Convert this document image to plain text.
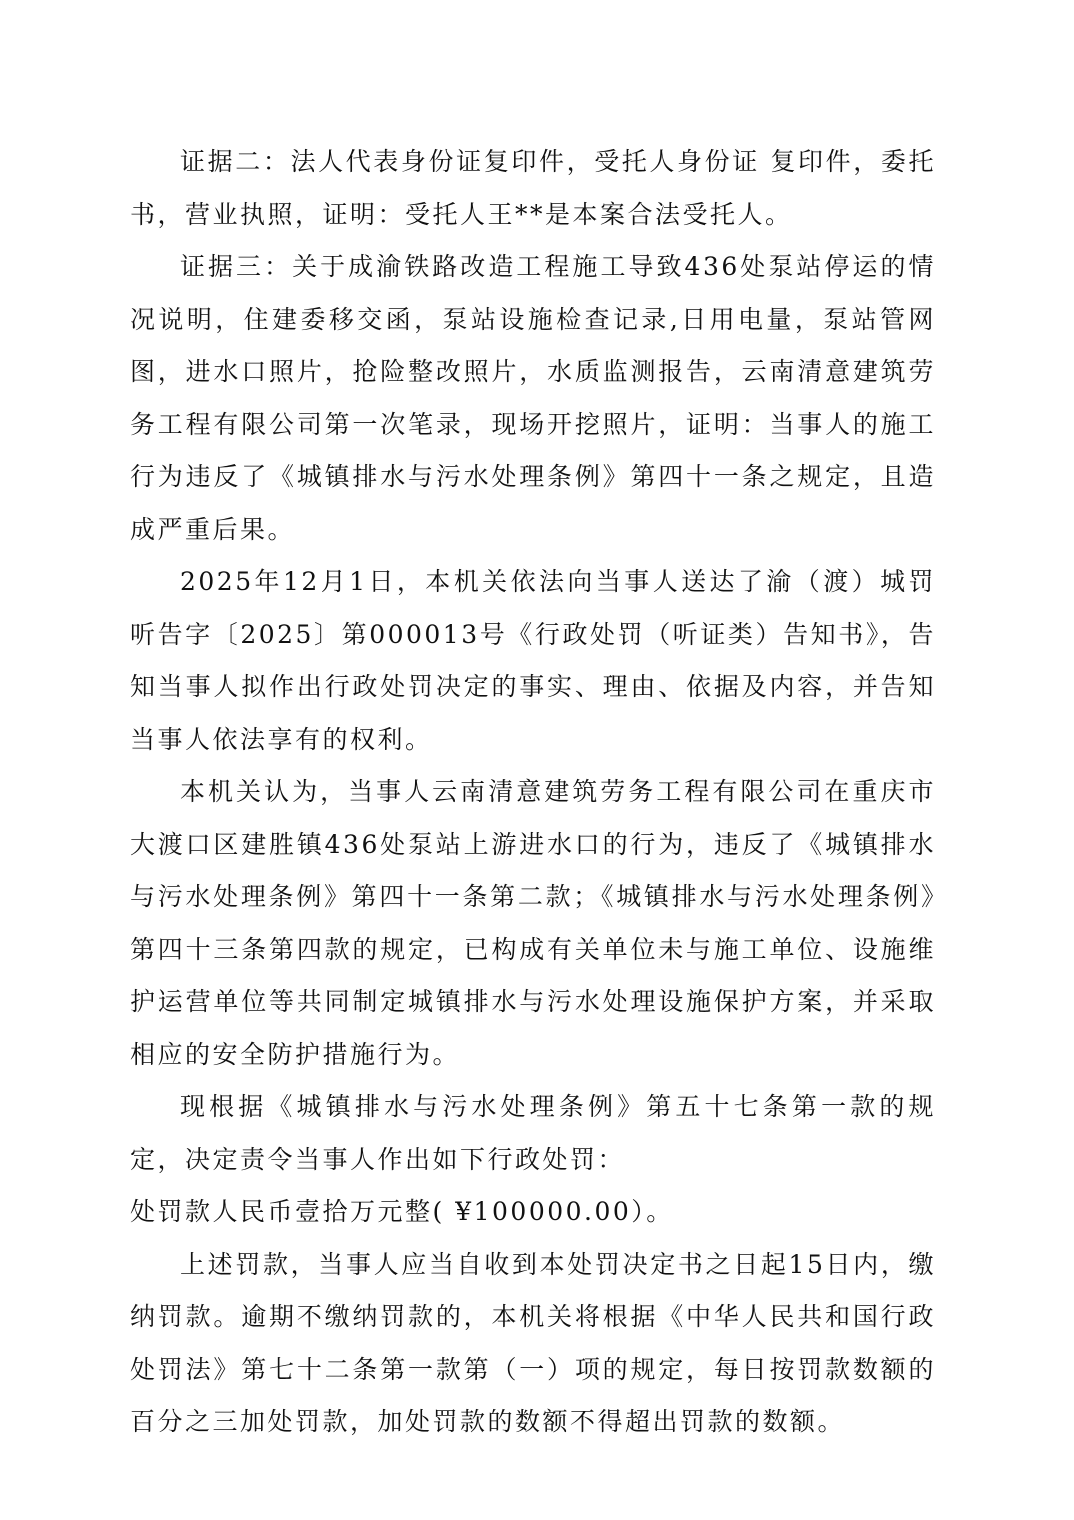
证据二：法人代表身份证复印件，受托人身份证 复印件，委托书，营业执照，证明：受托人王**是本案合法受托人。

证据三：关于成渝铁路改造工程施工导致436处泵站停运的情况说明，住建委移交函，泵站设施检查记录,日用电量，泵站管网图，进水口照片，抢险整改照片，水质监测报告，云南清意建筑劳务工程有限公司第一次笔录，现场开挖照片，证明：当事人的施工行为违反了《城镇排水与污水处理条例》第四十一条之规定，且造成严重后果。

2025年12月1日，本机关依法向当事人送达了渝（渡）城罚听告字〔2025〕第000013号《行政处罚（听证类）告知书》，告知当事人拟作出行政处罚决定的事实、理由、依据及内容，并告知当事人依法享有的权利。

本机关认为，当事人云南清意建筑劳务工程有限公司在重庆市大渡口区建胜镇436处泵站上游进水口的行为，违反了《城镇排水与污水处理条例》第四十一条第二款；《城镇排水与污水处理条例》第四十三条第四款的规定，已构成有关单位未与施工单位、设施维护运营单位等共同制定城镇排水与污水处理设施保护方案，并采取相应的安全防护措施行为。

现根据《城镇排水与污水处理条例》第五十七条第一款的规定，决定责令当事人作出如下行政处罚：

处罚款人民币壹拾万元整( ¥100000.00）。

上述罚款，当事人应当自收到本处罚决定书之日起15日内，缴纳罚款。逾期不缴纳罚款的，本机关将根据《中华人民共和国行政处罚法》第七十二条第一款第（一）项的规定，每日按罚款数额的百分之三加处罚款，加处罚款的数额不得超出罚款的数额。
